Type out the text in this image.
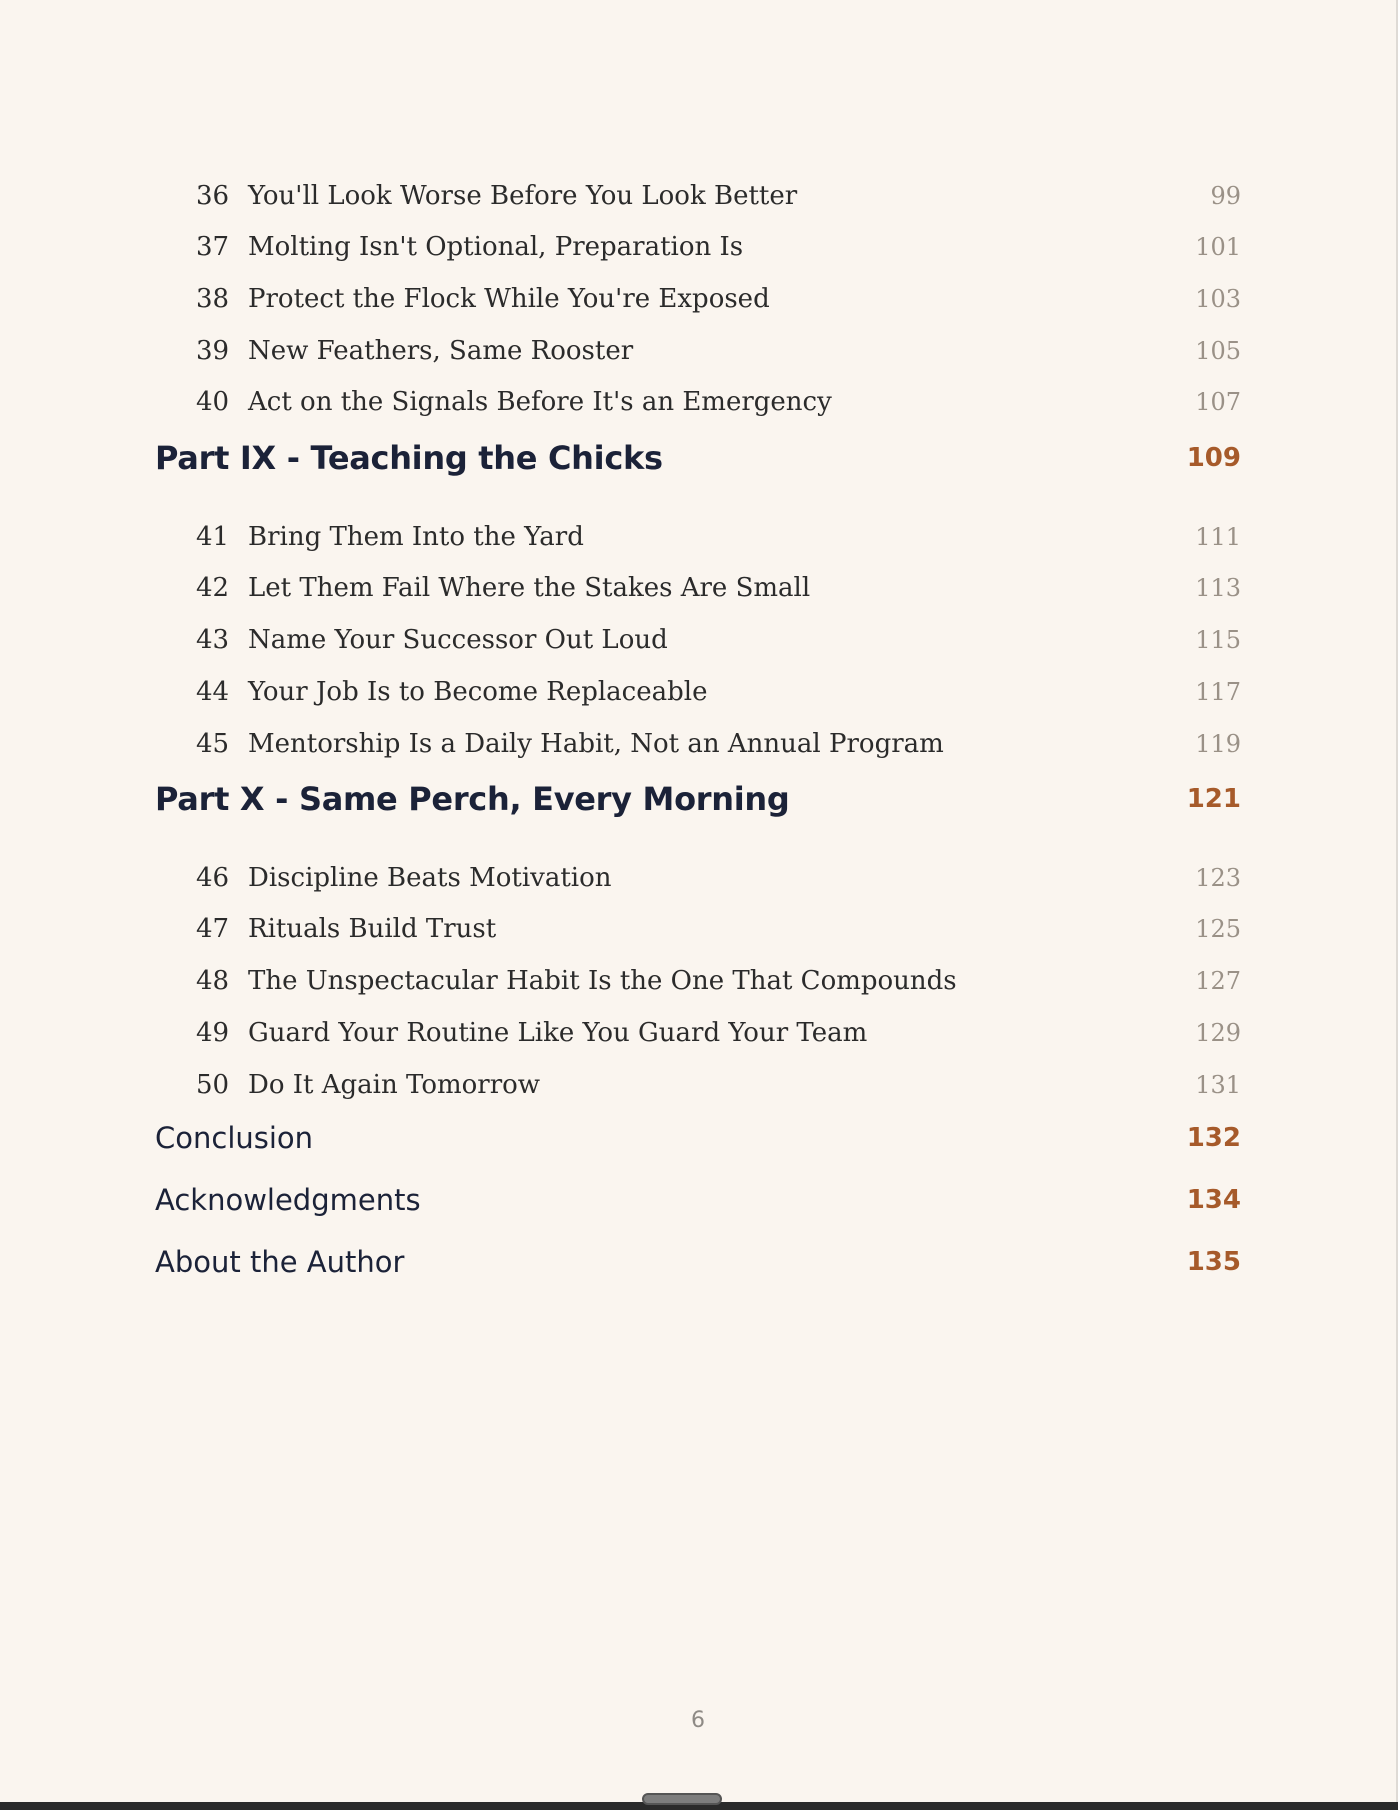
36 You'll Look Worse Before You Look Better	99
37 Molting Isn't Optional, Preparation Is	101
38 Protect the Flock While You're Exposed	103
39 New Feathers, Same Rooster	105
40 Act on the Signals Before It's an Emergency	107
Part IX - Teaching the Chicks	109
41 Bring Them Into the Yard	111
42 Let Them Fail Where the Stakes Are Small	113
43 Name Your Successor Out Loud	115
44 Your Job Is to Become Replaceable	117
45 Mentorship Is a Daily Habit, Not an Annual Program	119
Part X - Same Perch, Every Morning	121
46 Discipline Beats Motivation	123
47 Rituals Build Trust	125
48 The Unspectacular Habit Is the One That Compounds	127
49 Guard Your Routine Like You Guard Your Team	129
50 Do It Again Tomorrow	131
Conclusion	132
Acknowledgments	134
About the Author	135
6
